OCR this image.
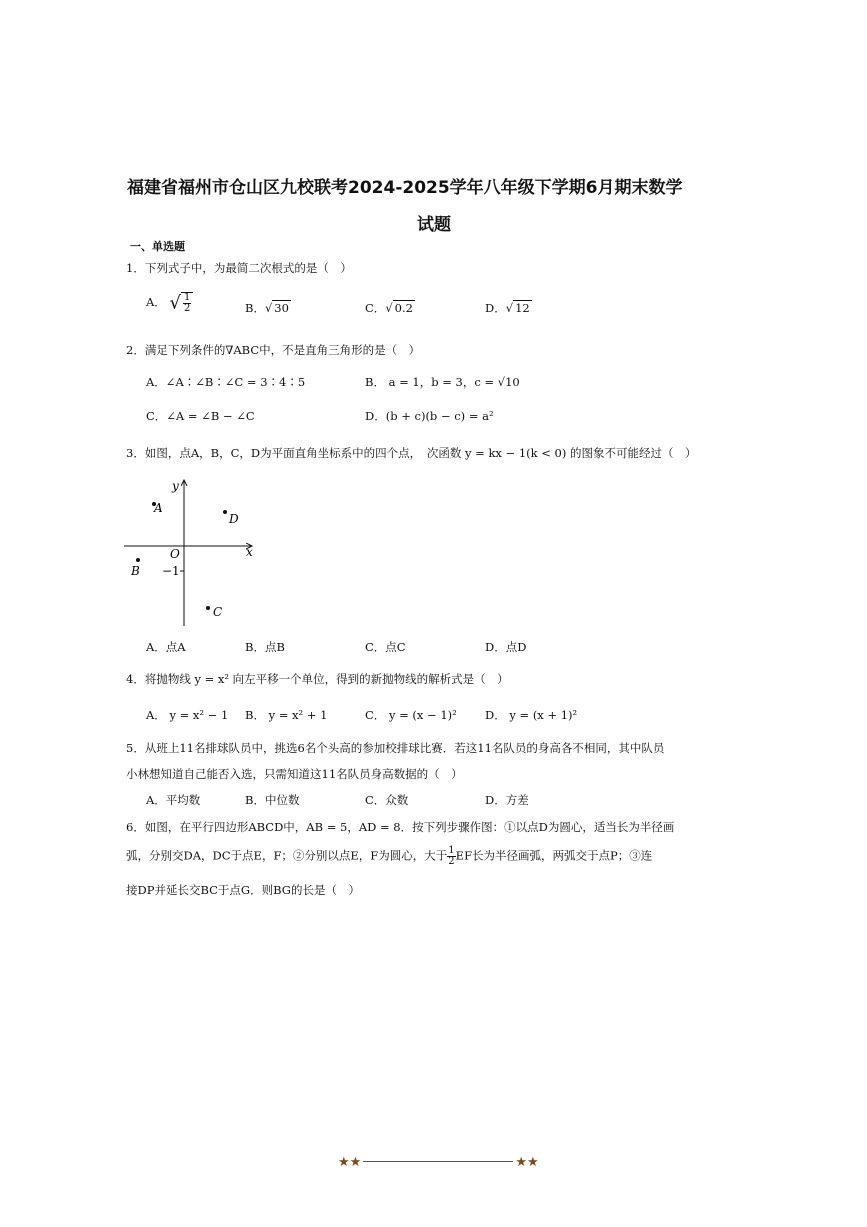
福建省福州市仓山区九校联考2024-2025学年八年级下学期6月期末数学
试题
一、单选题
1．下列式子中，为最简二次根式的是（　）
A． √ $\frac{1}{2}$	B．√ 30	C．√ 0.2	D．√ 12
2．满足下列条件的∇ABC中，不是直角三角形的是（　）
A．∠A∶∠B∶∠C = 3∶4∶5	B． a = 1，b = 3，c = √10
C．∠A = ∠B − ∠C	D．(b + c)(b − c) = a²
3．如图，点A，B，C，D为平面直角坐标系中的四个点，　次函数 y = kx − 1(k < 0) 的图象不可能经过（　）
y
x
O
−1
A
D
B
C
A．点A	B．点B	C．点C	D．点D
4．将抛物线 y = x² 向左平移一个单位，得到的新抛物线的解析式是（　）
A． y = x² − 1 B． y = x² + 1	C． y = (x − 1)² D． y = (x + 1)²
5．从班上11名排球队员中，挑选6名个头高的参加校排球比赛．若这11名队员的身高各不相同，其中队员
小林想知道自己能否入选，只需知道这11名队员身高数据的（　）
A．平均数	B．中位数	C．众数	D．方差
6．如图，在平行四边形ABCD中，AB = 5，AD = 8．按下列步骤作图：①以点D为圆心，适当长为半径画
弧，分别交DA，DC于点E，F；②分别以点E，F为圆心，大于 $\frac{1}{2}$ EF长为半径画弧，两弧交于点P；③连
接DP并延长交BC于点G．则BG的长是（　）
★★	★★
